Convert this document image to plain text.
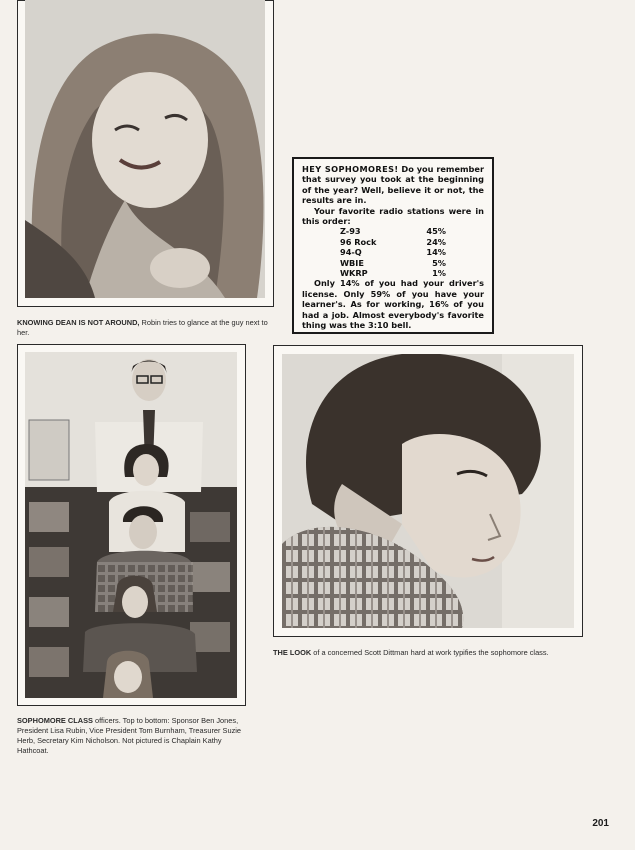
KNOWING DEAN IS NOT AROUND, Robin tries to glance at the guy next to her.

HEY SOPHOMORES! Do you remember that survey you took at the beginning of the year? Well, believe it or not, the results are in.

Your favorite radio stations were in this order:

Z-93	45%
96 Rock	24%
94-Q	14%
WBIE	5%
WKRP	1%

Only 14% of you had your driver's license. Only 59% of you have your learner's. As for working, 16% of you had a job. Almost everybody's favorite thing was the 3:10 bell.

SOPHOMORE CLASS officers. Top to bottom: Sponsor Ben Jones, President Lisa Rubin, Vice President Tom Burnham, Treasurer Suzie Herb, Secretary Kim Nicholson. Not pictured is Chaplain Kathy Hathcoat.
THE LOOK of a concerned Scott Dittman hard at work typifies the sophomore class.
201
